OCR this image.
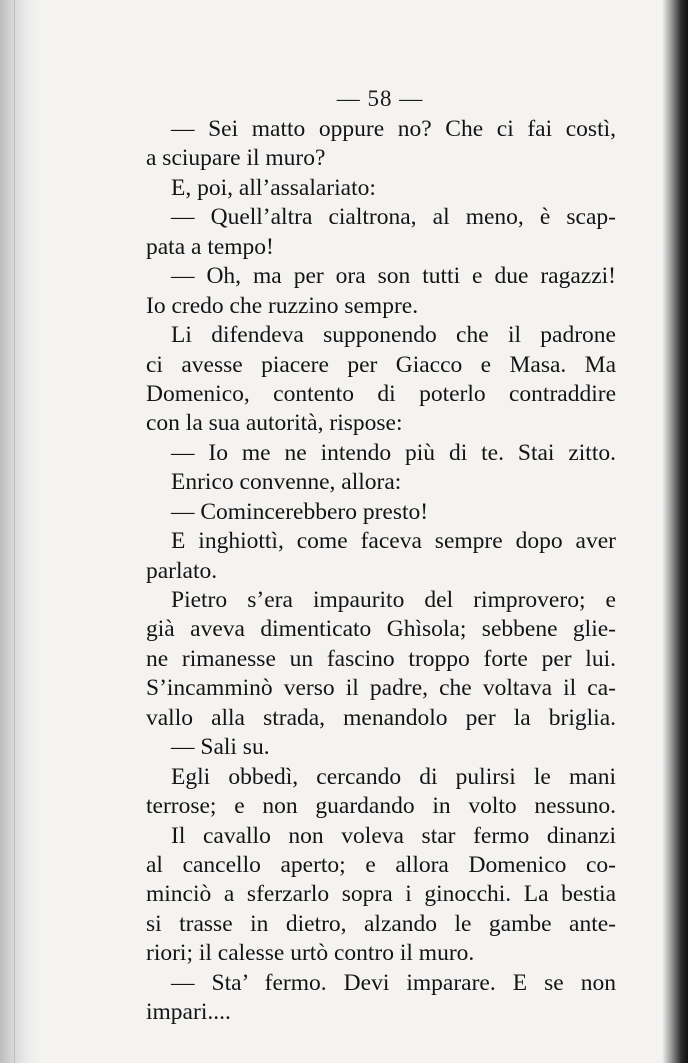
— 58 —
— Sei matto oppure no? Che ci fai costì,
a sciupare il muro?
E, poi, all’assalariato:
— Quell’altra cialtrona, al meno, è scap-
pata a tempo!
— Oh, ma per ora son tutti e due ragazzi!
Io credo che ruzzino sempre.
Li difendeva supponendo che il padrone
ci avesse piacere per Giacco e Masa. Ma
Domenico, contento di poterlo contraddire
con la sua autorità, rispose:
— Io me ne intendo più di te. Stai zitto.
Enrico convenne, allora:
— Comincerebbero presto!
E inghiottì, come faceva sempre dopo aver
parlato.
Pietro s’era impaurito del rimprovero; e
già aveva dimenticato Ghìsola; sebbene glie-
ne rimanesse un fascino troppo forte per lui.
S’incamminò verso il padre, che voltava il ca-
vallo alla strada, menandolo per la briglia.
— Sali su.
Egli obbedì, cercando di pulirsi le mani
terrose; e non guardando in volto nessuno.
Il cavallo non voleva star fermo dinanzi
al cancello aperto; e allora Domenico co-
minciò a sferzarlo sopra i ginocchi. La bestia
si trasse in dietro, alzando le gambe ante-
riori; il calesse urtò contro il muro.
— Sta’ fermo. Devi imparare. E se non
impari....
